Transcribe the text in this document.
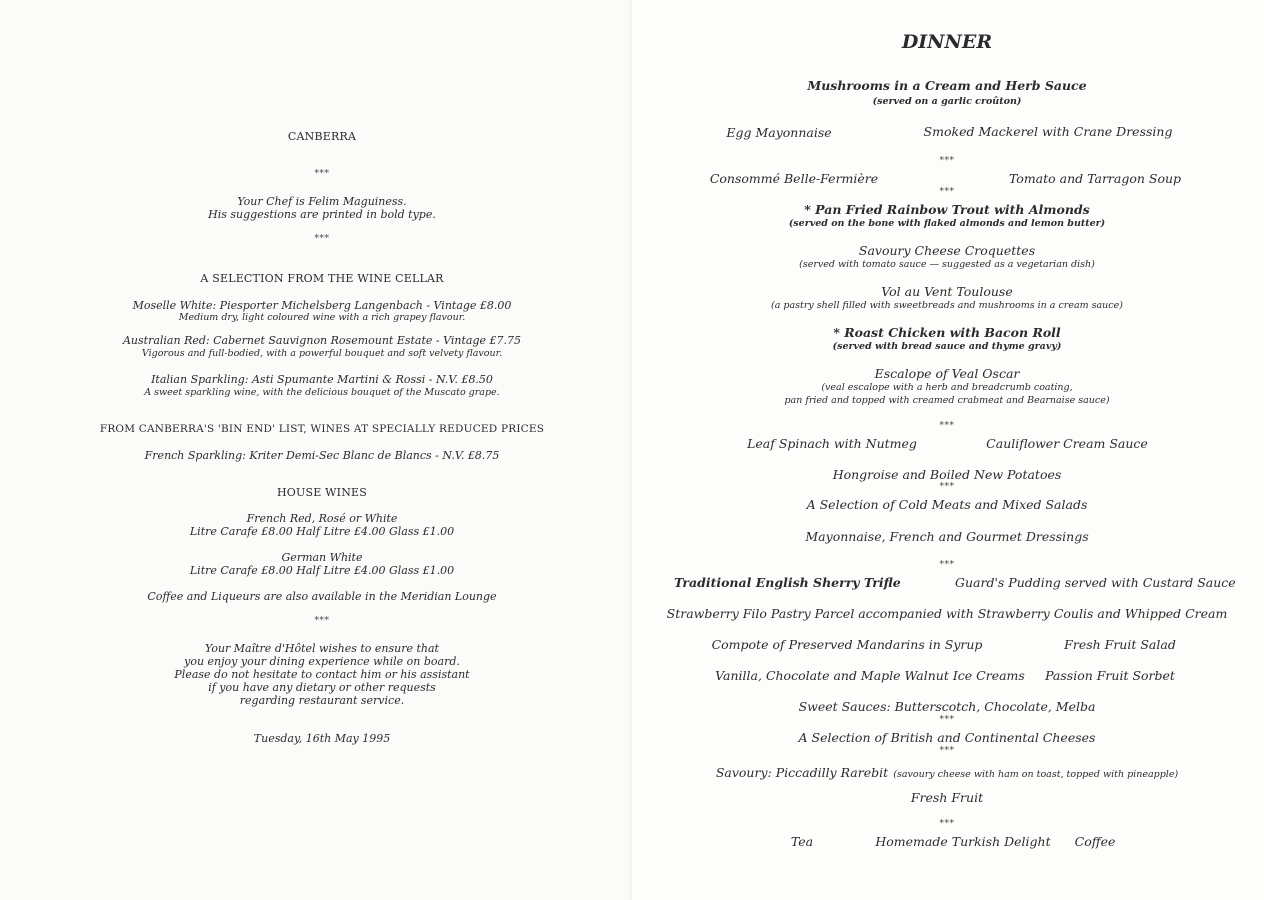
CANBERRA
***
Your Chef is Felim Maguiness.
His suggestions are printed in bold type.
***
A SELECTION FROM THE WINE CELLAR
Moselle White: Piesporter Michelsberg Langenbach - Vintage £8.00
Medium dry, light coloured wine with a rich grapey flavour.
Australian Red: Cabernet Sauvignon Rosemount Estate - Vintage £7.75
Vigorous and full-bodied, with a powerful bouquet and soft velvety flavour.
Italian Sparkling: Asti Spumante Martini & Rossi - N.V. £8.50
A sweet sparkling wine, with the delicious bouquet of the Muscato grape.
FROM CANBERRA'S 'BIN END' LIST, WINES AT SPECIALLY REDUCED PRICES
French Sparkling: Kriter Demi-Sec Blanc de Blancs - N.V. £8.75
HOUSE WINES
French Red, Rosé or White
Litre Carafe £8.00 Half Litre £4.00 Glass £1.00
German White
Litre Carafe £8.00 Half Litre £4.00 Glass £1.00
Coffee and Liqueurs are also available in the Meridian Lounge
***
Your Maître d'Hôtel wishes to ensure that
you enjoy your dining experience while on board.
Please do not hesitate to contact him or his assistant
if you have any dietary or other requests
regarding restaurant service.
Tuesday, 16th May 1995
DINNER
Mushrooms in a Cream and Herb Sauce
(served on a garlic croûton)
Egg Mayonnaise	Smoked Mackerel with Crane Dressing
***
Consommé Belle-Fermière	Tomato and Tarragon Soup
***
* Pan Fried Rainbow Trout with Almonds
(served on the bone with flaked almonds and lemon butter)
Savoury Cheese Croquettes
(served with tomato sauce — suggested as a vegetarian dish)
Vol au Vent Toulouse
(a pastry shell filled with sweetbreads and mushrooms in a cream sauce)
* Roast Chicken with Bacon Roll
(served with bread sauce and thyme gravy)
Escalope of Veal Oscar
(veal escalope with a herb and breadcrumb coating,
pan fried and topped with creamed crabmeat and Bearnaise sauce)
***
Leaf Spinach with Nutmeg	Cauliflower Cream Sauce
Hongroise and Boiled New Potatoes
***
A Selection of Cold Meats and Mixed Salads
Mayonnaise, French and Gourmet Dressings
***
Traditional English Sherry Trifle	Guard's Pudding served with Custard Sauce
Strawberry Filo Pastry Parcel accompanied with Strawberry Coulis and Whipped Cream
Compote of Preserved Mandarins in Syrup	Fresh Fruit Salad
Vanilla, Chocolate and Maple Walnut Ice Creams Passion Fruit Sorbet
Sweet Sauces: Butterscotch, Chocolate, Melba
***
A Selection of British and Continental Cheeses
***
Savoury: Piccadilly Rarebit (savoury cheese with ham on toast, topped with pineapple)
Fresh Fruit
***
Tea	Homemade Turkish Delight Coffee
